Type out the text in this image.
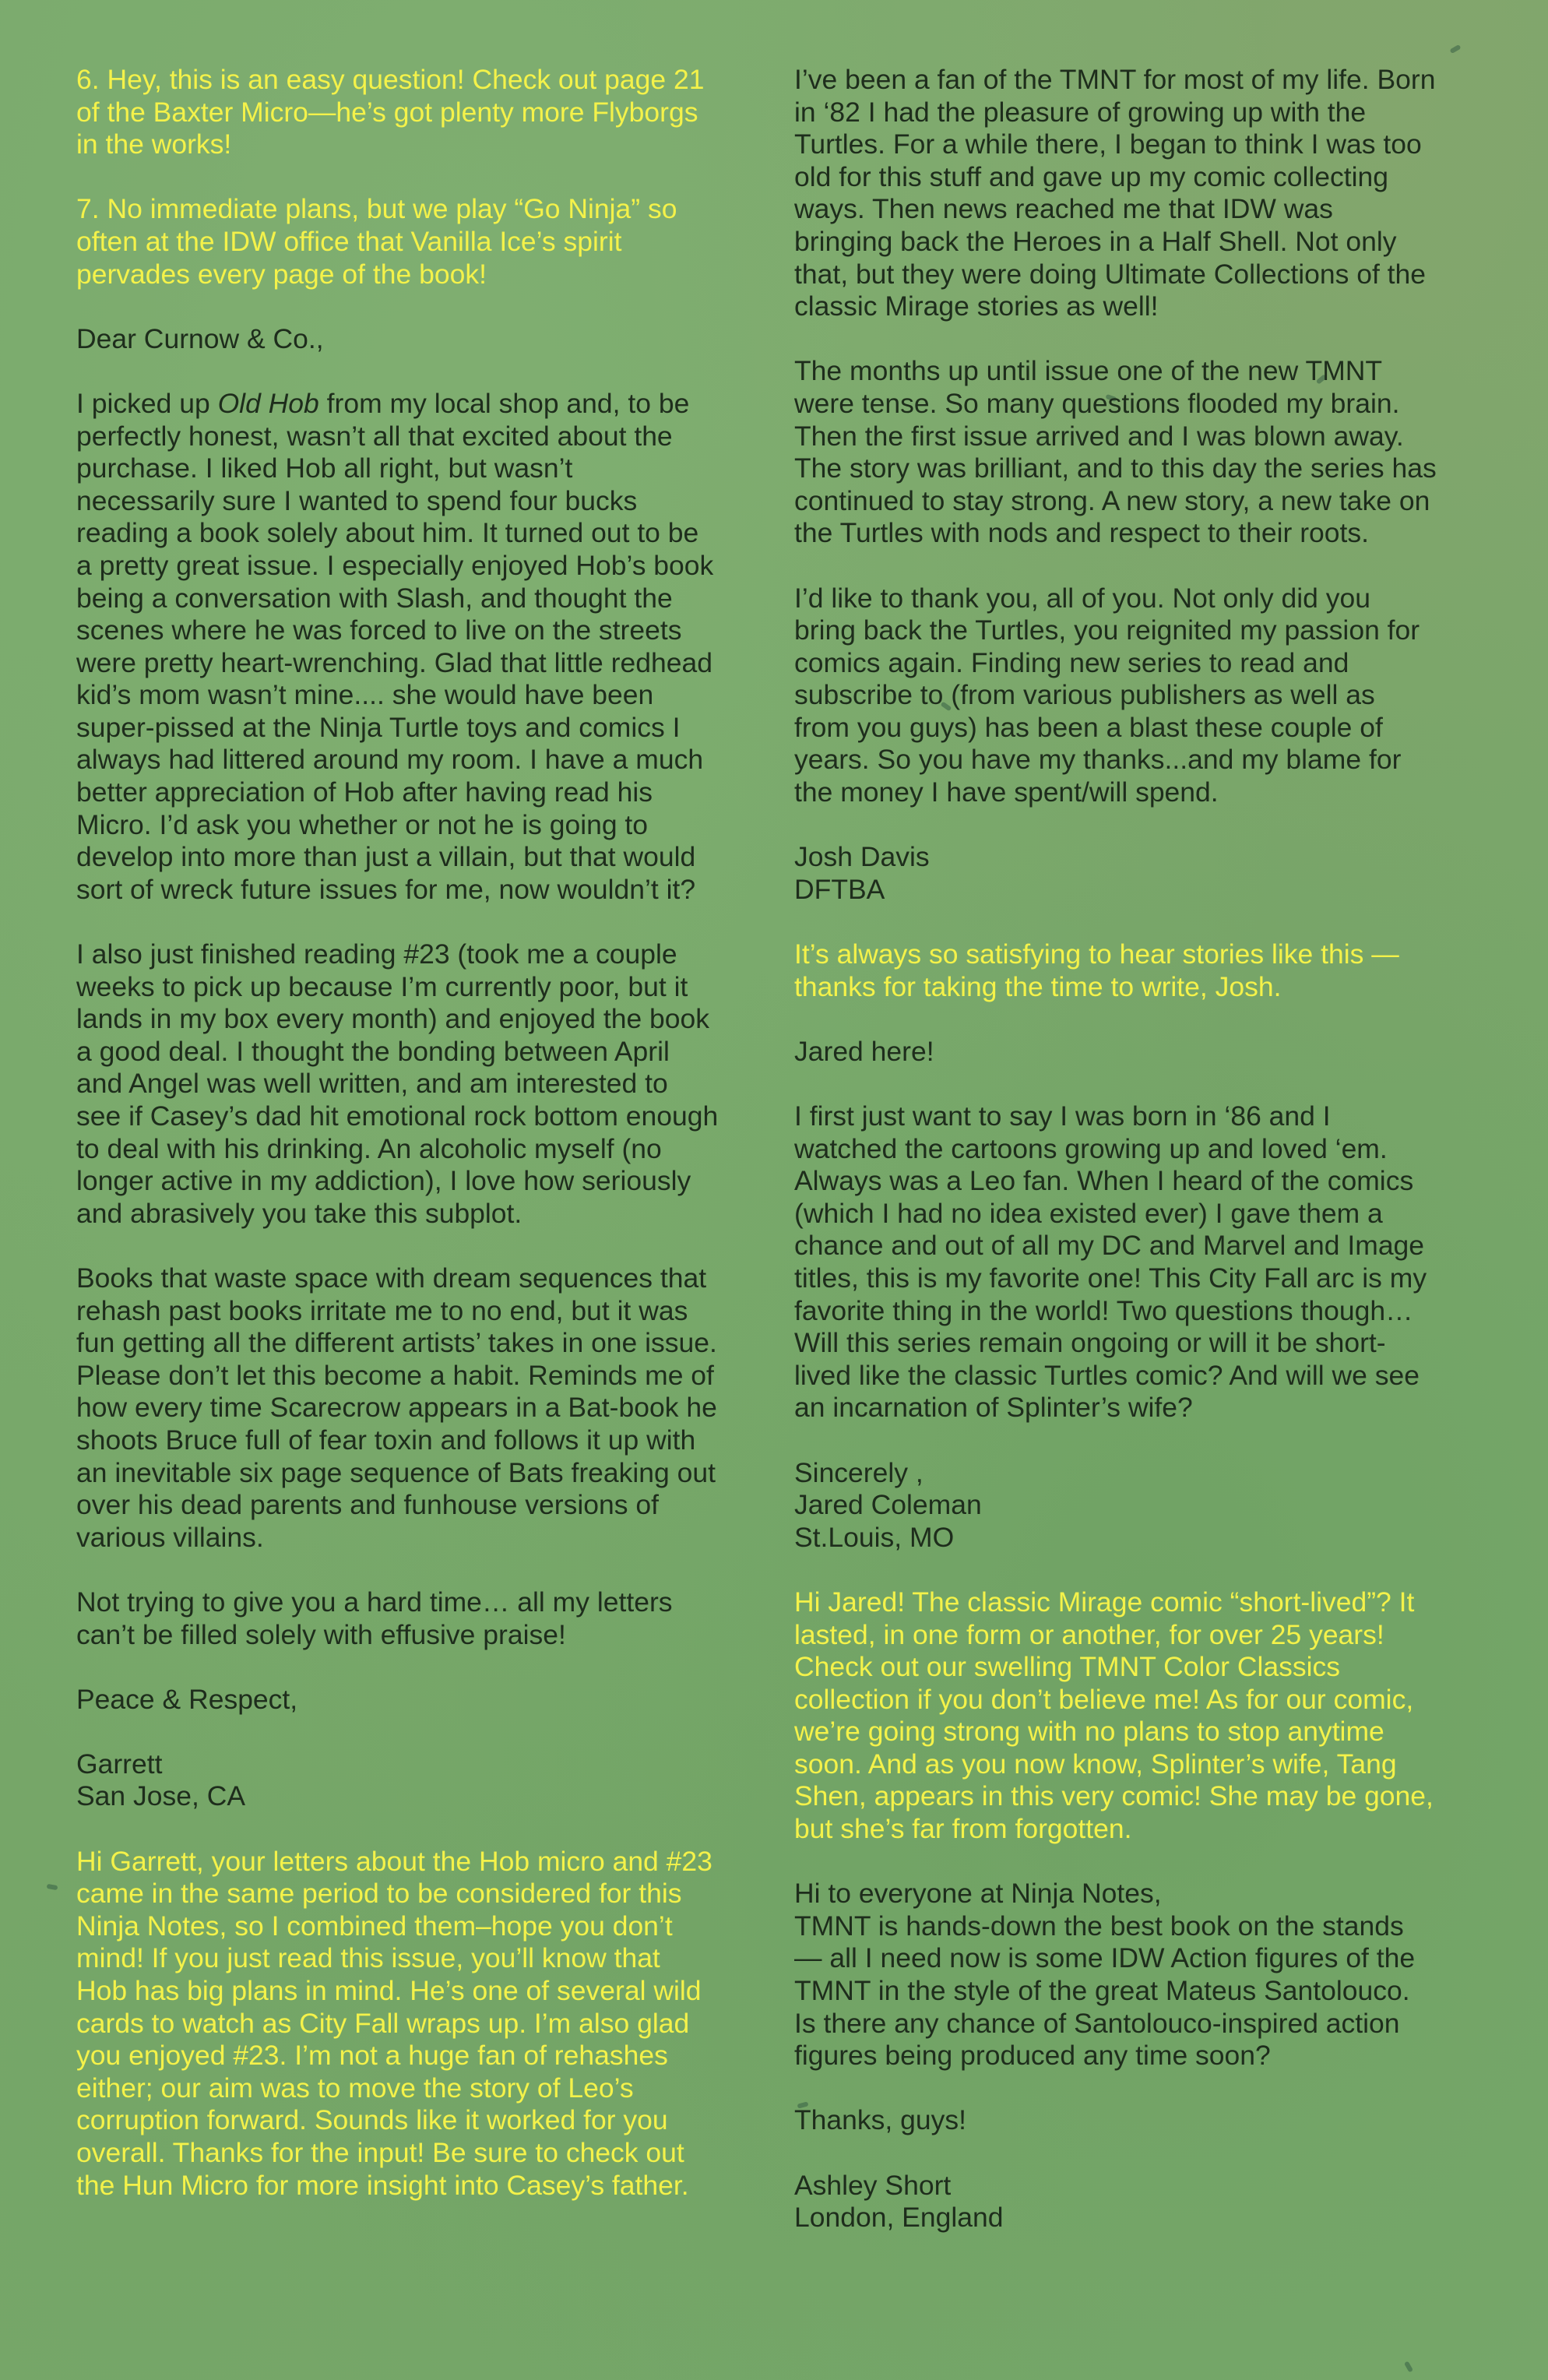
6. Hey, this is an easy question! Check out page 21
of the Baxter Micro—he’s got plenty more Flyborgs
in the works!

7. No immediate plans, but we play “Go Ninja” so
often at the IDW office that Vanilla Ice’s spirit
pervades every page of the book!

Dear Curnow & Co.,

I picked up Old Hob from my local shop and, to be
perfectly honest, wasn’t all that excited about the
purchase. I liked Hob all right, but wasn’t
necessarily sure I wanted to spend four bucks
reading a book solely about him. It turned out to be
a pretty great issue. I especially enjoyed Hob’s book
being a conversation with Slash, and thought the
scenes where he was forced to live on the streets
were pretty heart-wrenching. Glad that little redhead
kid’s mom wasn’t mine.... she would have been
super-pissed at the Ninja Turtle toys and comics I
always had littered around my room. I have a much
better appreciation of Hob after having read his
Micro. I’d ask you whether or not he is going to
develop into more than just a villain, but that would
sort of wreck future issues for me, now wouldn’t it?

I also just finished reading #23 (took me a couple
weeks to pick up because I’m currently poor, but it
lands in my box every month) and enjoyed the book
a good deal. I thought the bonding between April
and Angel was well written, and am interested to
see if Casey’s dad hit emotional rock bottom enough
to deal with his drinking. An alcoholic myself (no
longer active in my addiction), I love how seriously
and abrasively you take this subplot.

Books that waste space with dream sequences that
rehash past books irritate me to no end, but it was
fun getting all the different artists’ takes in one issue.
Please don’t let this become a habit. Reminds me of
how every time Scarecrow appears in a Bat-book he
shoots Bruce full of fear toxin and follows it up with
an inevitable six page sequence of Bats freaking out
over his dead parents and funhouse versions of
various villains.

Not trying to give you a hard time… all my letters
can’t be filled solely with effusive praise!

Peace & Respect,

Garrett
San Jose, CA

Hi Garrett, your letters about the Hob micro and #23
came in the same period to be considered for this
Ninja Notes, so I combined them–hope you don’t
mind! If you just read this issue, you’ll know that
Hob has big plans in mind. He’s one of several wild
cards to watch as City Fall wraps up. I’m also glad
you enjoyed #23. I’m not a huge fan of rehashes
either; our aim was to move the story of Leo’s
corruption forward. Sounds like it worked for you
overall. Thanks for the input! Be sure to check out
the Hun Micro for more insight into Casey’s father.

I’ve been a fan of the TMNT for most of my life. Born
in ‘82 I had the pleasure of growing up with the
Turtles. For a while there, I began to think I was too
old for this stuff and gave up my comic collecting
ways. Then news reached me that IDW was
bringing back the Heroes in a Half Shell. Not only
that, but they were doing Ultimate Collections of the
classic Mirage stories as well!

The months up until issue one of the new TMNT
were tense. So many questions flooded my brain.
Then the first issue arrived and I was blown away.
The story was brilliant, and to this day the series has
continued to stay strong. A new story, a new take on
the Turtles with nods and respect to their roots.

I’d like to thank you, all of you. Not only did you
bring back the Turtles, you reignited my passion for
comics again. Finding new series to read and
subscribe to (from various publishers as well as
from you guys) has been a blast these couple of
years. So you have my thanks...and my blame for
the money I have spent/will spend.

Josh Davis
DFTBA

It’s always so satisfying to hear stories like this —
thanks for taking the time to write, Josh.

Jared here!

I first just want to say I was born in ‘86 and I
watched the cartoons growing up and loved ‘em.
Always was a Leo fan. When I heard of the comics
(which I had no idea existed ever) I gave them a
chance and out of all my DC and Marvel and Image
titles, this is my favorite one! This City Fall arc is my
favorite thing in the world! Two questions though…
Will this series remain ongoing or will it be short-
lived like the classic Turtles comic? And will we see
an incarnation of Splinter’s wife?

Sincerely ,
Jared Coleman
St.Louis, MO

Hi Jared! The classic Mirage comic “short-lived”? It
lasted, in one form or another, for over 25 years!
Check out our swelling TMNT Color Classics
collection if you don’t believe me! As for our comic,
we’re going strong with no plans to stop anytime
soon. And as you now know, Splinter’s wife, Tang
Shen, appears in this very comic! She may be gone,
but she’s far from forgotten.

Hi to everyone at Ninja Notes,
TMNT is hands-down the best book on the stands
— all I need now is some IDW Action figures of the
TMNT in the style of the great Mateus Santolouco.
Is there any chance of Santolouco-inspired action
figures being produced any time soon?

Thanks, guys!

Ashley Short
London, England
